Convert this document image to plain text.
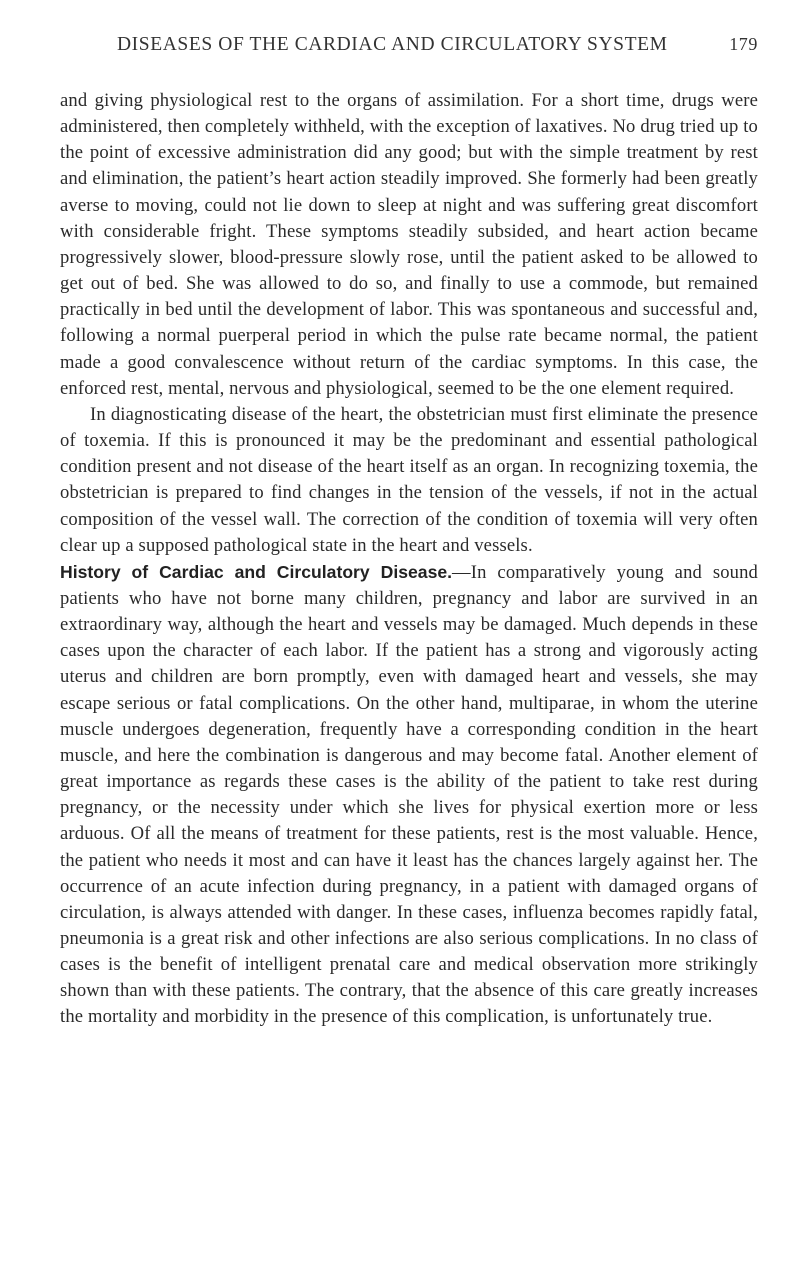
DISEASES OF THE CARDIAC AND CIRCULATORY SYSTEM	179

and giving physiological rest to the organs of assimilation. For a short time, drugs were administered, then completely withheld, with the exception of laxatives. No drug tried up to the point of excessive administration did any good; but with the simple treatment by rest and elimination, the patient’s heart action steadily improved. She formerly had been greatly averse to moving, could not lie down to sleep at night and was suffering great discomfort with considerable fright. These symptoms steadily subsided, and heart action became progressively slower, blood-pressure slowly rose, until the patient asked to be allowed to get out of bed. She was allowed to do so, and finally to use a commode, but remained practically in bed until the development of labor. This was spontaneous and successful and, following a normal puerperal period in which the pulse rate became normal, the patient made a good convalescence without return of the cardiac symptoms. In this case, the enforced rest, mental, nervous and physiological, seemed to be the one element required.

In diagnosticating disease of the heart, the obstetrician must first eliminate the presence of toxemia. If this is pronounced it may be the predominant and essential pathological condition present and not disease of the heart itself as an organ. In recognizing toxemia, the obstetrician is prepared to find changes in the tension of the vessels, if not in the actual composition of the vessel wall. The correction of the condition of toxemia will very often clear up a supposed pathological state in the heart and vessels.

History of Cardiac and Circulatory Disease.—In comparatively young and sound patients who have not borne many children, pregnancy and labor are survived in an extraordinary way, although the heart and vessels may be damaged. Much depends in these cases upon the character of each labor. If the patient has a strong and vigorously acting uterus and children are born promptly, even with damaged heart and vessels, she may escape serious or fatal complications. On the other hand, multiparae, in whom the uterine muscle undergoes degeneration, frequently have a corresponding condition in the heart muscle, and here the combination is dangerous and may become fatal. Another element of great importance as regards these cases is the ability of the patient to take rest during pregnancy, or the necessity under which she lives for physical exertion more or less arduous. Of all the means of treatment for these patients, rest is the most valuable. Hence, the patient who needs it most and can have it least has the chances largely against her. The occurrence of an acute infection during pregnancy, in a patient with damaged organs of circulation, is always attended with danger. In these cases, influenza becomes rapidly fatal, pneumonia is a great risk and other infections are also serious complications. In no class of cases is the benefit of intelligent prenatal care and medical observation more strikingly shown than with these patients. The contrary, that the absence of this care greatly increases the mortality and morbidity in the presence of this complication, is unfortunately true.
